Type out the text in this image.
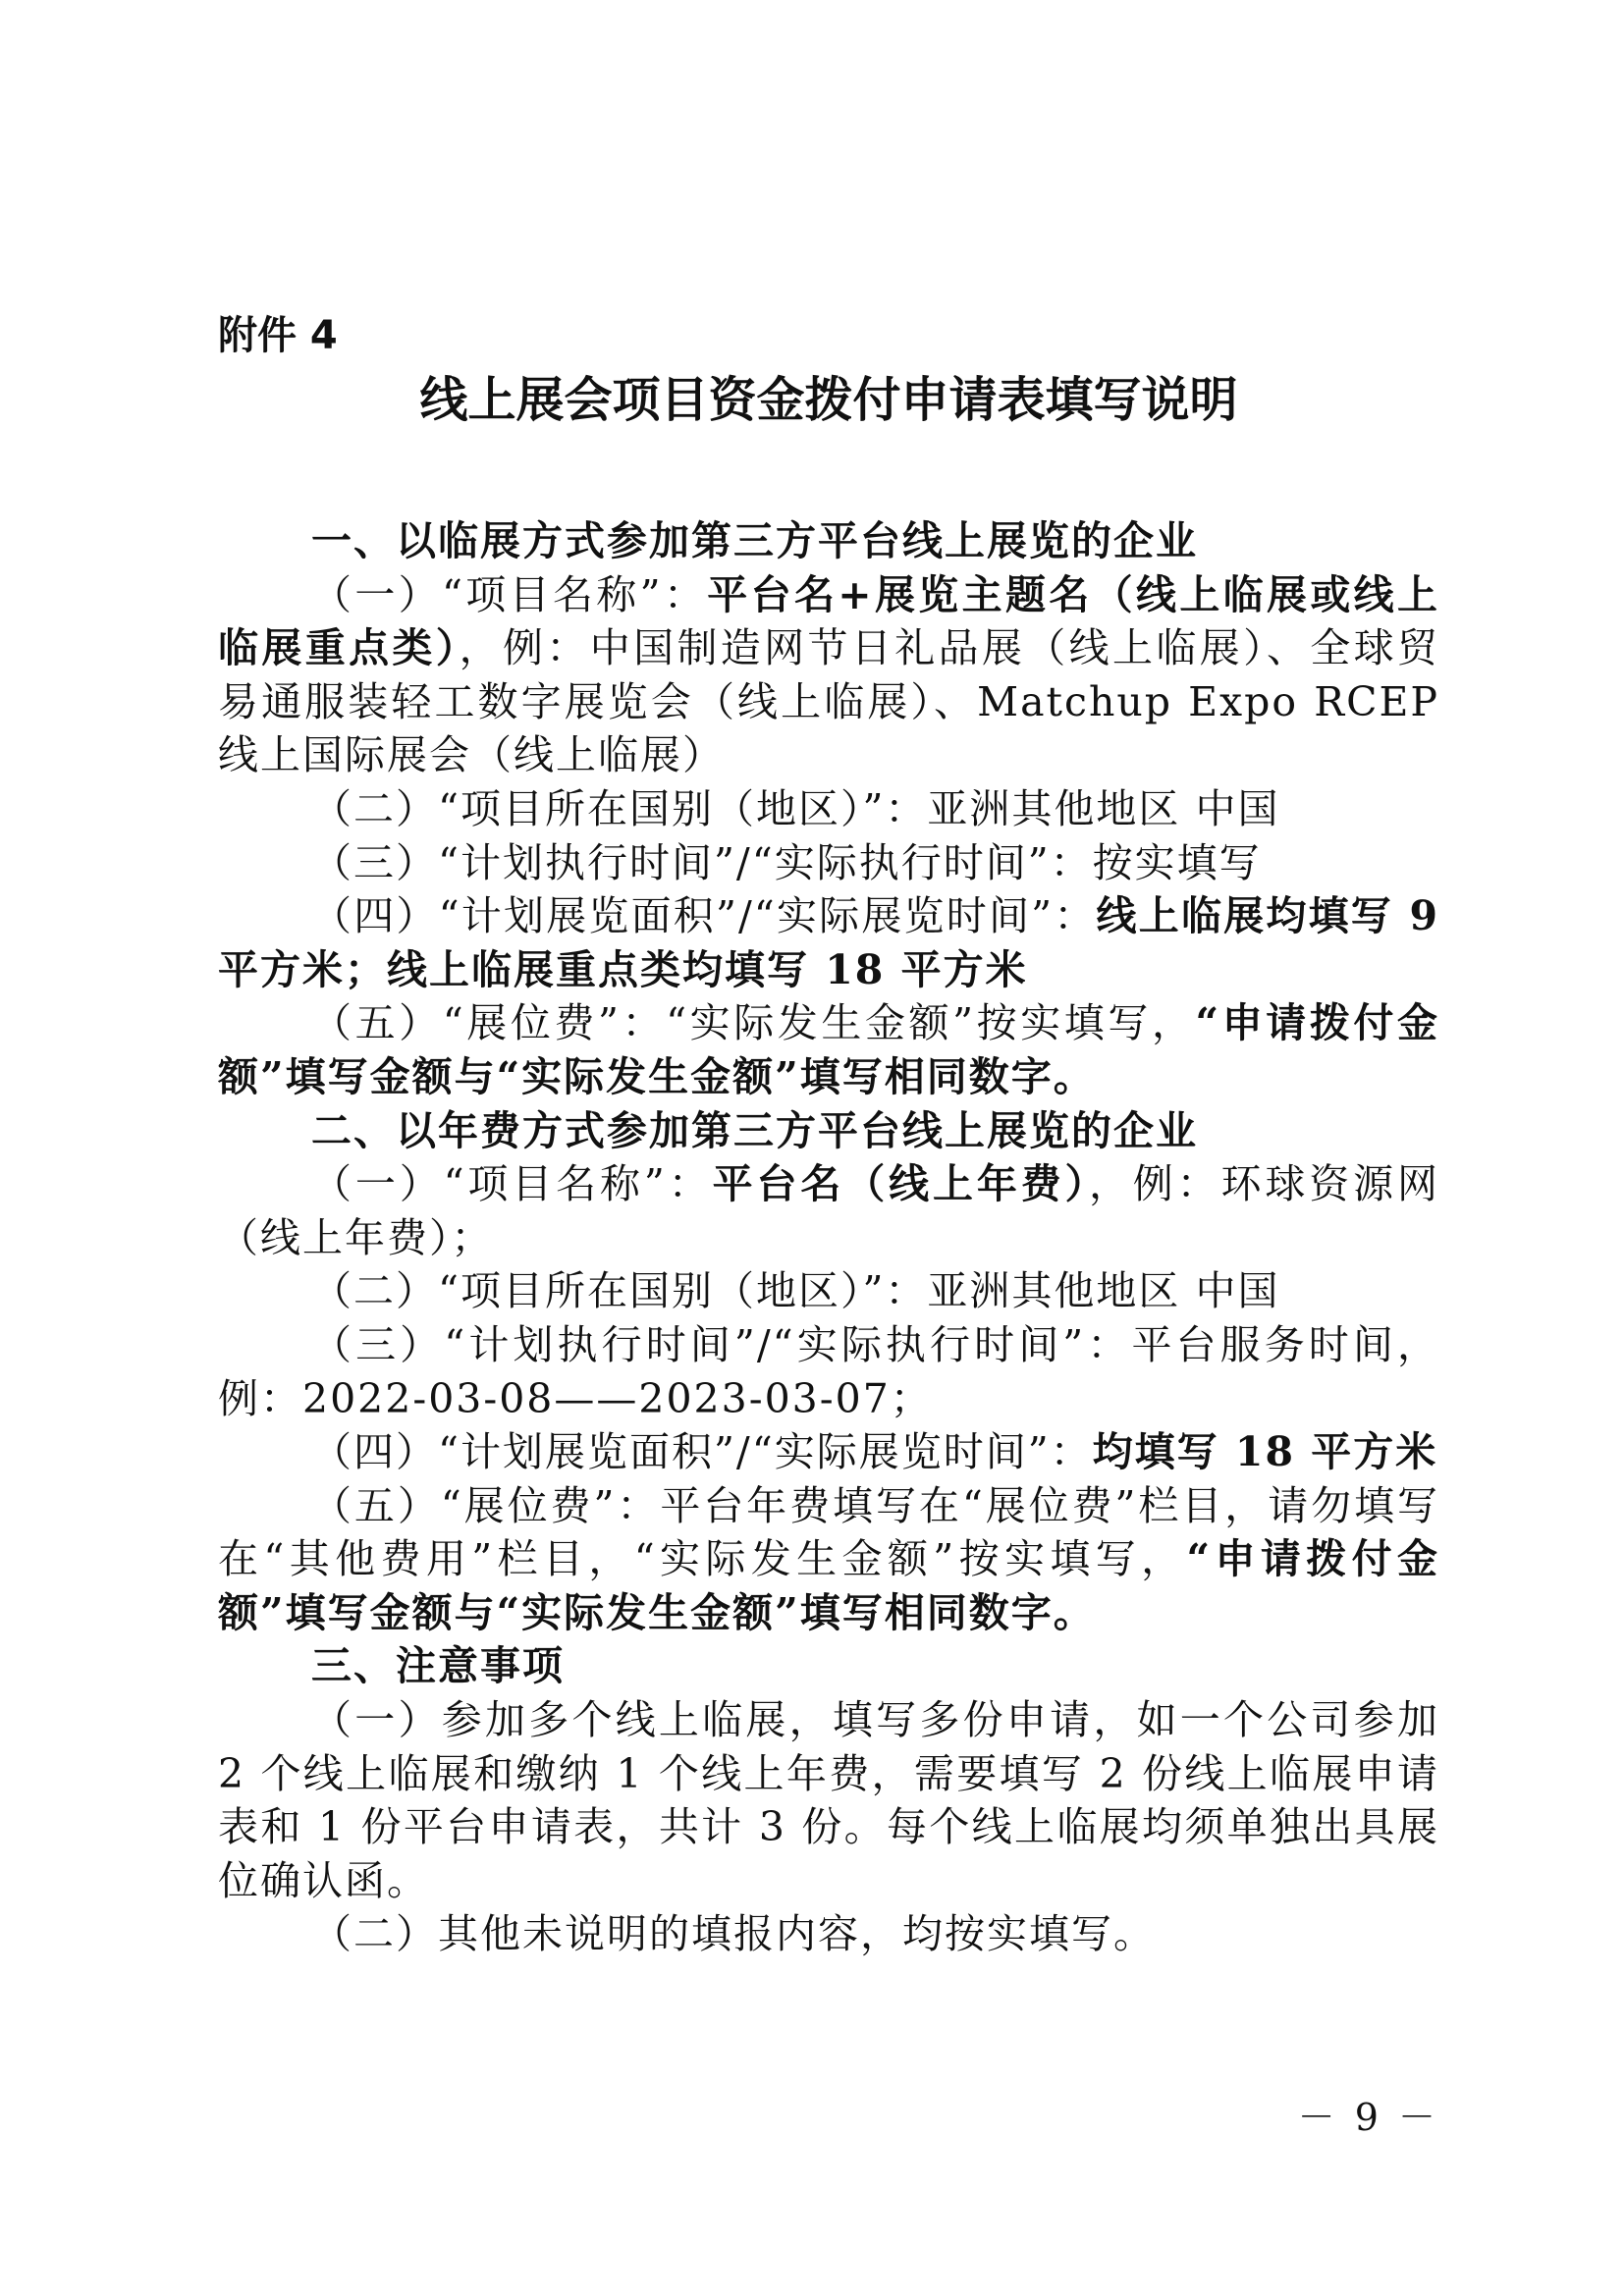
附件 4
线上展会项目资金拨付申请表填写说明

一、以临展方式参加第三方平台线上展览的企业

（一）“项目名称”：平台名+展览主题名（线上临展或线上临展重点类），例：中国制造网节日礼品展（线上临展）、全球贸易通服装轻工数字展览会（线上临展）、Matchup Expo RCEP线上国际展会（线上临展）

（二）“项目所在国别（地区）”：亚洲其他地区 中国

（三）“计划执行时间”/“实际执行时间”：按实填写

（四）“计划展览面积”/“实际展览时间”：线上临展均填写 9 平方米；线上临展重点类均填写 18 平方米

（五）“展位费”：“实际发生金额”按实填写，“申请拨付金额”填写金额与“实际发生金额”填写相同数字。

二、以年费方式参加第三方平台线上展览的企业

（一）“项目名称”：平台名（线上年费），例：环球资源网（线上年费）；

（二）“项目所在国别（地区）”：亚洲其他地区 中国

（三）“计划执行时间”/“实际执行时间”：平台服务时间，例：2022-03-08——2023-03-07；

（四）“计划展览面积”/“实际展览时间”：均填写 18 平方米

（五）“展位费”：平台年费填写在“展位费”栏目，请勿填写在“其他费用”栏目，“实际发生金额”按实填写，“申请拨付金额”填写金额与“实际发生金额”填写相同数字。

三、注意事项

（一）参加多个线上临展，填写多份申请，如一个公司参加 2 个线上临展和缴纳 1 个线上年费，需要填写 2 份线上临展申请表和 1 份平台申请表，共计 3 份。每个线上临展均须单独出具展位确认函。

（二）其他未说明的填报内容，均按实填写。

－ 9 －
